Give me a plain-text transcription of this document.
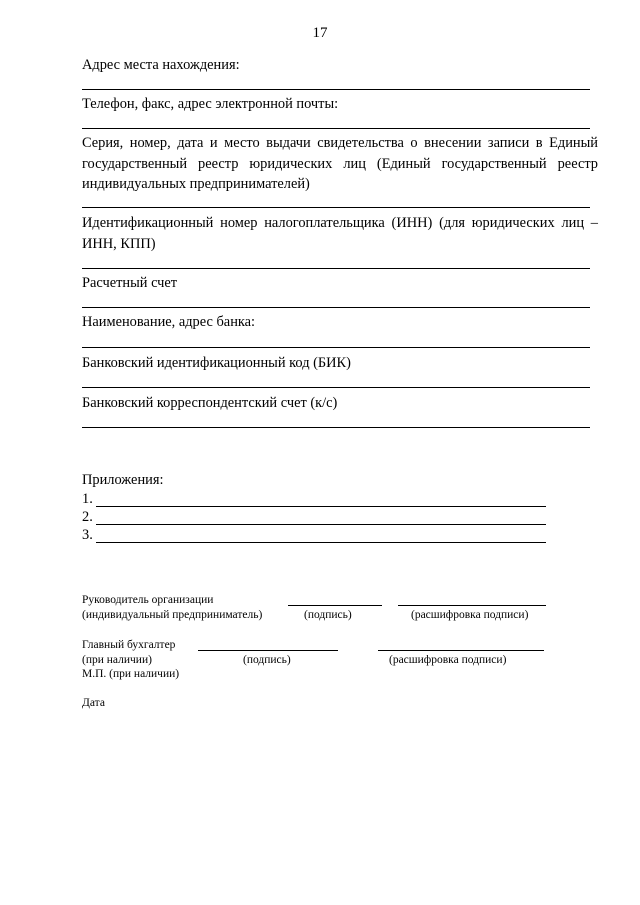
17
Адрес места нахождения:
Телефон, факс, адрес электронной почты:
Серия, номер, дата и место выдачи свидетельства о внесении записи в Единый государственный реестр юридических лиц (Единый государственный реестр индивидуальных предпринимателей)
Идентификационный номер налогоплательщика (ИНН) (для юридических лиц – ИНН, КПП)
Расчетный счет
Наименование, адрес банка:
Банковский идентификационный код (БИК)
Банковский корреспондентский счет (к/с)
Приложения:
1.
2.
3.
Руководитель организации
(индивидуальный предприниматель)	(подпись)	(расшифровка подписи)
Главный бухгалтер
(при наличии)	(подпись)	(расшифровка подписи)
М.П. (при наличии)
Дата
